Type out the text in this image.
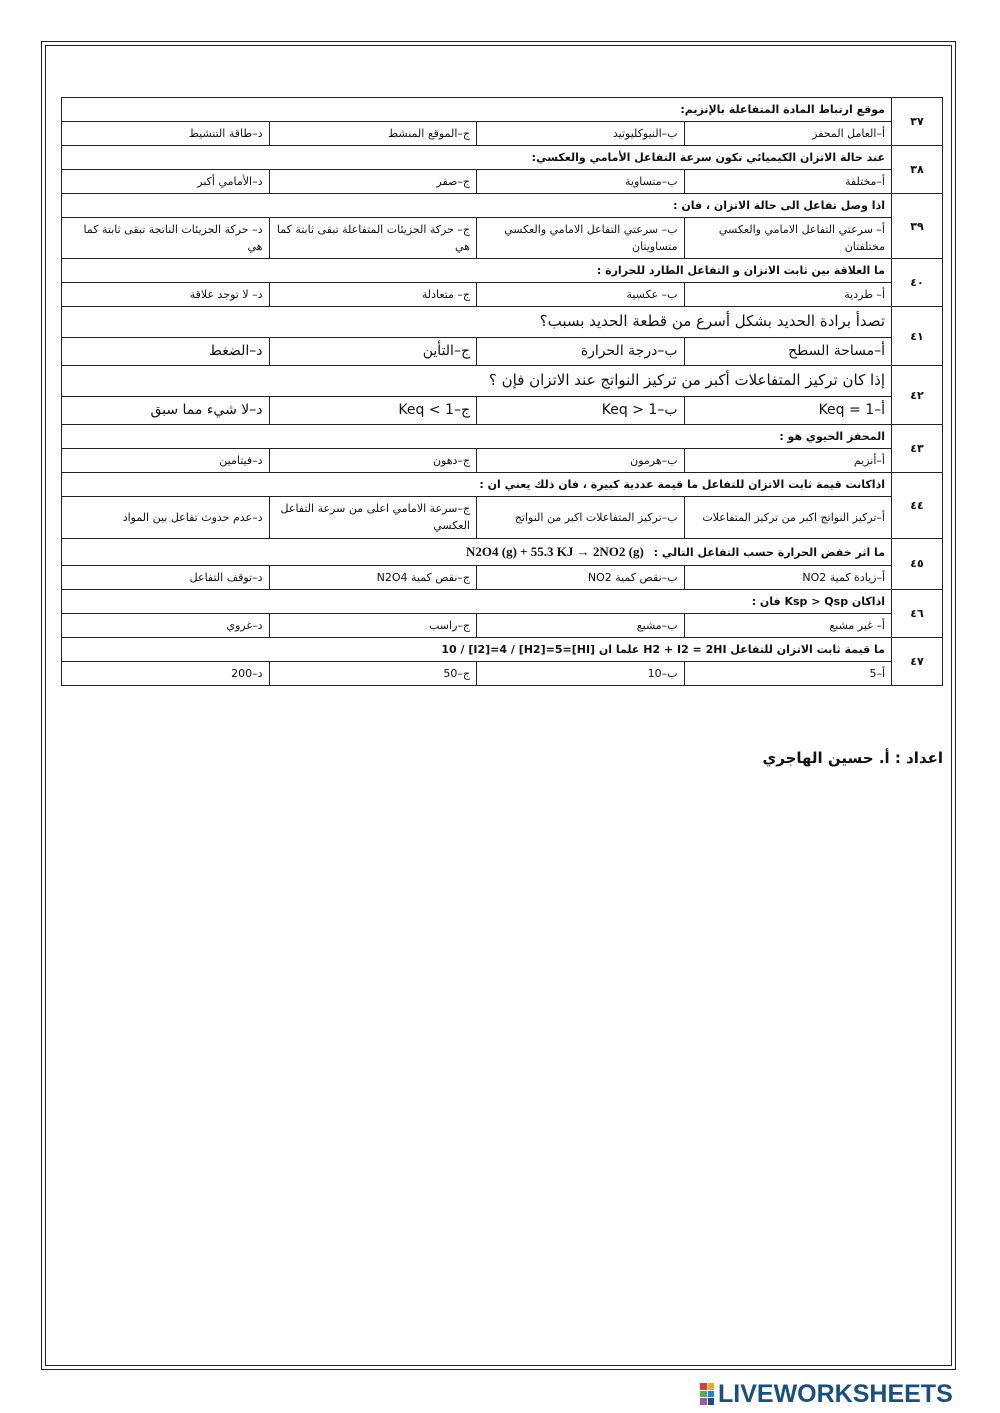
٣٧	موقع ارتباط المادة المتفاعلة بالإنزيم:			
	أ–العامل المحفز	ب–النيوكليوتيد	ج–الموقع المنشط	د–طاقة التنشيط
٣٨	عند حالة الاتزان الكيميائي تكون سرعة التفاعل الأمامي والعكسي:			
	أ–مختلفة	ب–متساوية	ج–صفر	د–الأمامي أكبر
٣٩	اذا وصل تفاعل الى حالة الاتزان ، فان :			
	أ– سرعتي التفاعل الامامي والعكسي مختلفتان	ب– سرعتي التفاعل الامامي والعكسي متساويتان	ج– حركة الجزيئات المتفاعلة تبقى ثابتة كما هي	د– حركة الجزيئات الناتجة تبقى ثابتة كما هي
٤٠	ما العلاقة بين ثابت الاتزان و التفاعل الطارد للحرارة :			
	أ– طردية	ب– عكسية	ج– متعادلة	د– لا توجد علاقة
٤١	تصدأ برادة الحديد بشكل أسرع من قطعة الحديد بسبب؟			
	أ–مساحة السطح	ب–درجة الحرارة	ج–التأين	د–الضغط
٤٢	إذا كان تركيز المتفاعلات أكبر من تركيز النواتج عند الاتزان فإن ؟			
	أ–1 = Keq	ب–1 < Keq	ج–1 > Keq	د–لا شيء مما سبق
٤٣	المحفز الحيوي هو :			
	أ–أنزيم	ب–هرمون	ج–دهون	د–فيتامين
٤٤	اذاكانت قيمة ثابت الاتزان للتفاعل ما قيمة عددية كبيرة ، فان ذلك يعني ان :			
	أ–تركيز النواتج اكبر من تركيز المتفاعلات	ب–تركيز المتفاعلات اكبر من النواتج	ج–سرعة الامامي اعلى من سرعة التفاعل العكسي	د–عدم حدوث تفاعل بين المواد
٤٥	ما اثر خفض الحرارة حسب التفاعل التالي : N2O4 (g) + 55.3 KJ → 2NO2 (g)			
	أ–زيادة كمية NO2	ب–نقص كمية NO2	ج–نقص كمية N2O4	د–توقف التفاعل
٤٦	اذاكان Ksp > Qsp فان :			
	أ– غير مشبع	ب–مشبع	ج–راسب	د–غروي
٤٧	ما قيمة ثابت الاتزان للتفاعل H2 + I2 = 2HI علما ان [HI]=10 / [I2]=4 / [H2]=5			
	أ–5	ب–10	ج–50	د–200
اعداد : أ. حسين الهاجري
LIVEWORKSHEETS
